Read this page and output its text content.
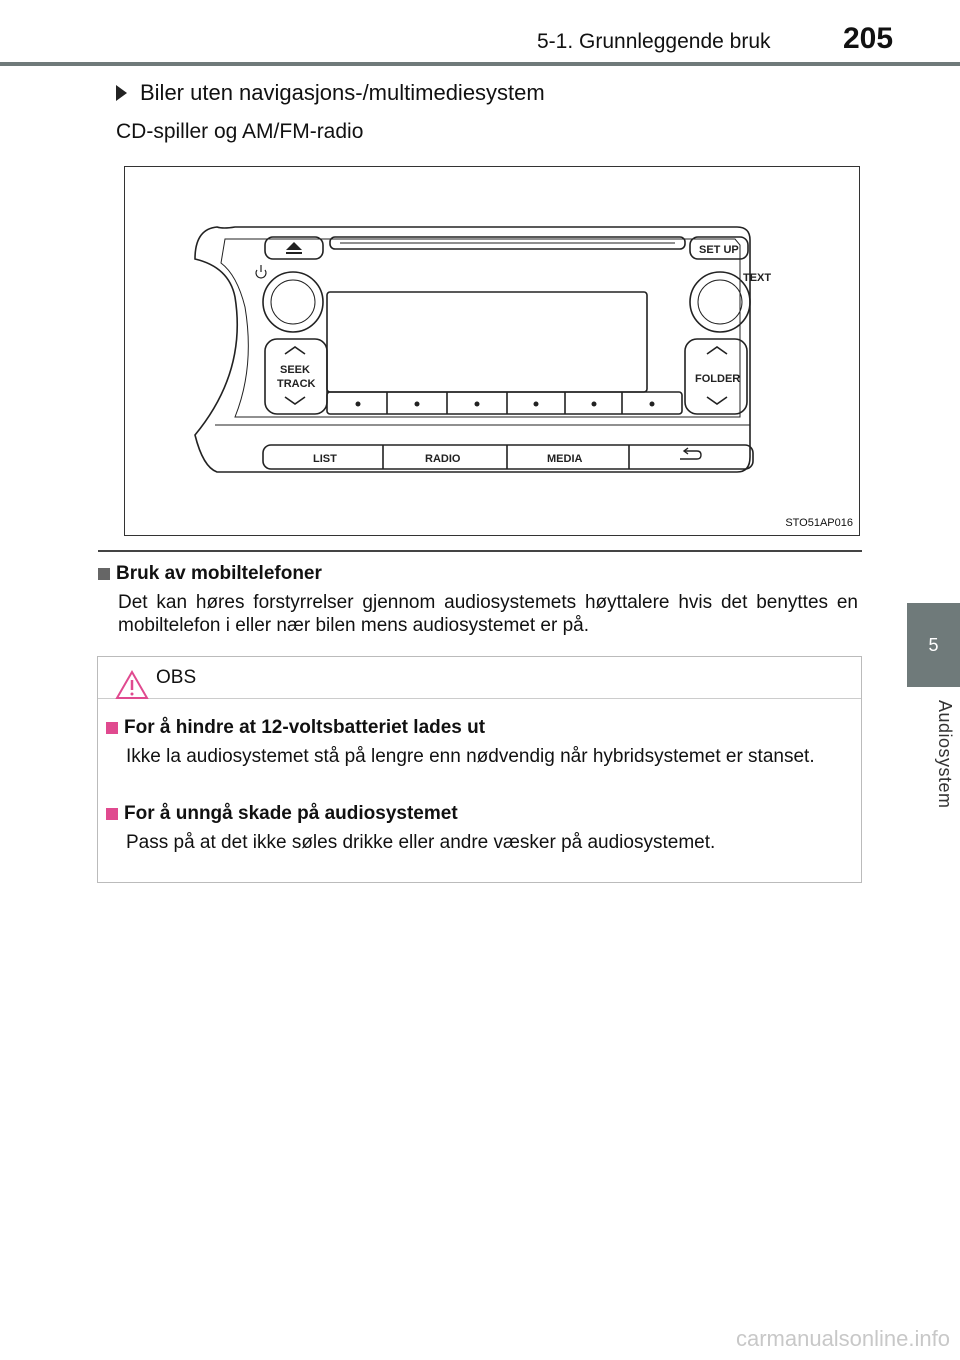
5-1. Grunnleggende bruk 205
5
Audiosystem
Biler uten navigasjons-/multimediesystem
CD-spiller og AM/FM-radio
SET UP
TEXT
SEEK
TRACK	FOLDER
LIST	RADIO	MEDIA
STO51AP016
Bruk av mobiltelefoner
Det kan høres forstyrrelser gjennom audiosystemets høyttalere hvis det benyttes en mobiltelefon i eller nær bilen mens audiosystemet er på.
OBS
For å hindre at 12-voltsbatteriet lades ut
Ikke la audiosystemet stå på lengre enn nødvendig når hybridsystemet er stanset.
For å unngå skade på audiosystemet
Pass på at det ikke søles drikke eller andre væsker på audiosystemet.
carmanualsonline.info
